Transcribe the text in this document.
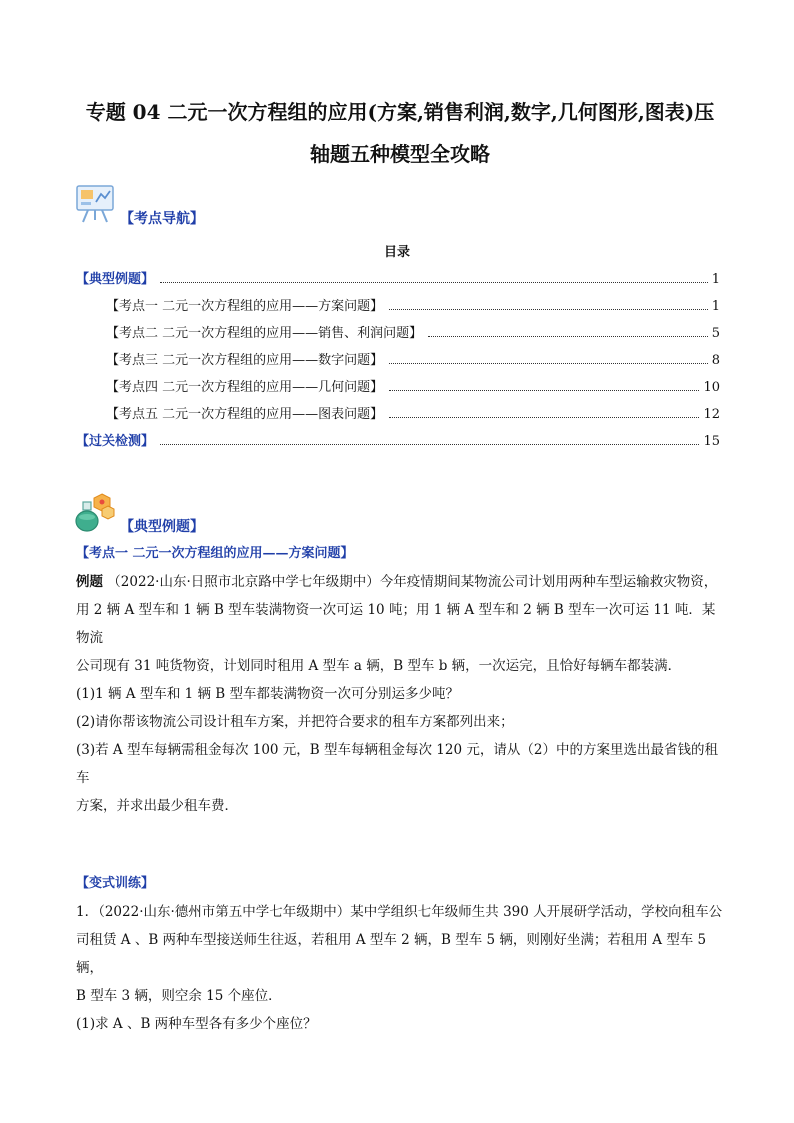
专题 04 二元一次方程组的应用(方案,销售利润,数字,几何图形,图表)压
轴题五种模型全攻略
【考点导航】
目录
【典型例题】	1
【考点一 二元一次方程组的应用——方案问题】	1
【考点二 二元一次方程组的应用——销售、利润问题】	5
【考点三 二元一次方程组的应用——数字问题】	8
【考点四 二元一次方程组的应用——几何问题】	10
【考点五 二元一次方程组的应用——图表问题】	12
【过关检测】	15
【典型例题】
【考点一 二元一次方程组的应用——方案问题】
例题 （2022·山东·日照市北京路中学七年级期中）今年疫情期间某物流公司计划用两种车型运输救灾物资，
用 2 辆 A 型车和 1 辆 B 型车装满物资一次可运 10 吨；用 1 辆 A 型车和 2 辆 B 型车一次可运 11 吨．某物流
公司现有 31 吨货物资，计划同时租用 A 型车 a 辆，B 型车 b 辆，一次运完，且恰好每辆车都装满．
(1)1 辆 A 型车和 1 辆 B 型车都装满物资一次可分别运多少吨？
(2)请你帮该物流公司设计租车方案，并把符合要求的租车方案都列出来；
(3)若 A 型车每辆需租金每次 100 元，B 型车每辆租金每次 120 元，请从（2）中的方案里选出最省钱的租车
方案，并求出最少租车费．
【变式训练】
1．（2022·山东·德州市第五中学七年级期中）某中学组织七年级师生共 390 人开展研学活动，学校向租车公
司租赁 A 、B 两种车型接送师生往返，若租用 A 型车 2 辆，B 型车 5 辆，则刚好坐满；若租用 A 型车 5 辆，
B 型车 3 辆，则空余 15 个座位．
(1)求 A 、B 两种车型各有多少个座位？
